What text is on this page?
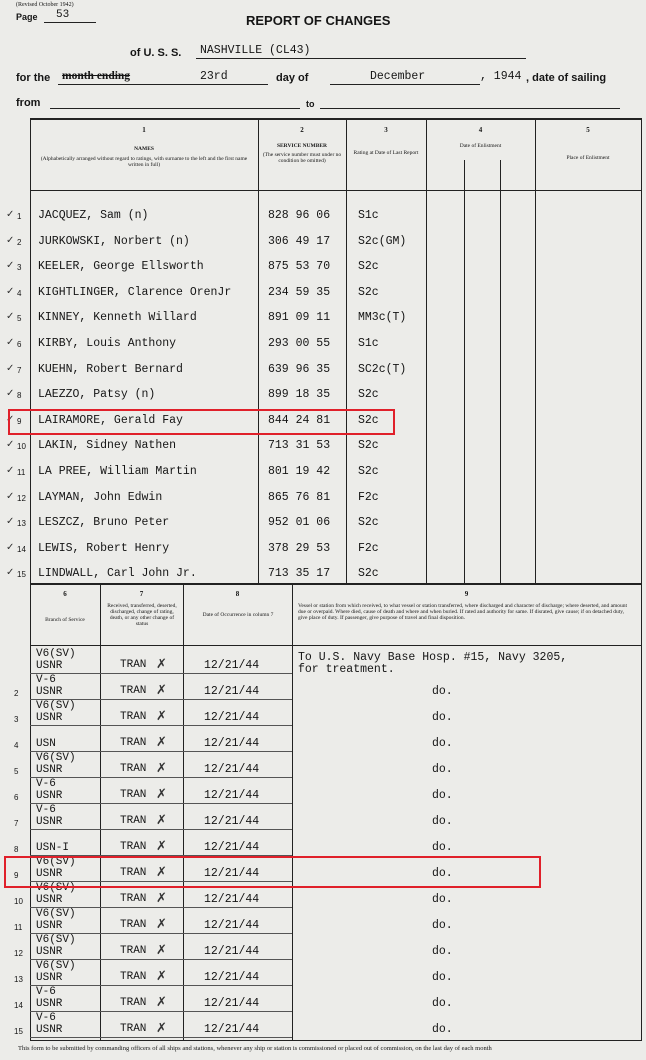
(Revised October 1942)
Page 53	REPORT OF CHANGES
of U. S. S. NASHVILLE (CL43)
for the month ending	23rd	day of	December	, 1944 , date of sailing
from	to
1
NAMES
(Alphabetically arranged without regard to ratings, with surname to the left and the first name written in full)
2
SERVICE NUMBER
(The service number must under no condition be omitted)
3
Rating at Date of Last Report
4
Date of Enlistment
5
Place of Enlistment
✓ 1 JACQUEZ, Sam (n)	828 96 06 S1c
✓ 2 JURKOWSKI, Norbert (n)	306 49 17 S2c(GM)
✓ 3 KEELER, George Ellsworth	875 53 70 S2c
✓ 4 KIGHTLINGER, Clarence OrenJr	234 59 35 S2c
✓ 5 KINNEY, Kenneth Willard	891 09 11 MM3c(T)
✓ 6 KIRBY, Louis Anthony	293 00 55 S1c
✓ 7 KUEHN, Robert Bernard	639 96 35 SC2c(T)
✓ 8 LAEZZO, Patsy (n)	899 18 35 S2c
✓ 9 LAIRAMORE, Gerald Fay	844 24 81 S2c
✓ 10 LAKIN, Sidney Nathen	713 31 53 S2c
✓ 11 LA PREE, William Martin	801 19 42 S2c
✓ 12 LAYMAN, John Edwin	865 76 81 F2c
✓ 13 LESZCZ, Bruno Peter	952 01 06 S2c
✓ 14 LEWIS, Robert Henry	378 29 53 F2c
✓ 15 LINDWALL, Carl John Jr.	713 35 17 S2c
6
Branch of Service
7
Received, transferred, deserted, discharged, change of rating, death, or any other change of status
8
Date of Occurrence in column 7
9
Vessel or station from which received, to what vessel or station transferred, where discharged and character of discharge; where deserted, and amount due or overpaid. Where died, cause of death and where and when buried. If rated and authority for same. If disrated, give cause; if on detached duty, give place of duty. If passenger, give purpose of travel and final disposition.
V6(SV)
USNR	TRAN ✗	12/21/44
To U.S. Navy Base Hosp. #15, Navy 3205,
for treatment.
2
V-6
USNR	TRAN ✗	12/21/44	do.
3
V6(SV)
USNR	TRAN ✗	12/21/44	do.
4 USN	TRAN ✗	12/21/44	do.
5
V6(SV)
USNR	TRAN ✗	12/21/44	do.
6
V-6
USNR	TRAN ✗	12/21/44	do.
7
V-6
USNR	TRAN ✗	12/21/44	do.
8 USN-I	TRAN ✗	12/21/44	do.
9
V6(SV)
USNR	TRAN ✗	12/21/44	do.
10
V6(SV)
USNR	TRAN ✗	12/21/44	do.
11
V6(SV)
USNR	TRAN ✗	12/21/44	do.
12
V6(SV)
USNR	TRAN ✗	12/21/44	do.
13
V6(SV)
USNR	TRAN ✗	12/21/44	do.
14
V-6
USNR	TRAN ✗	12/21/44	do.
15
V-6
USNR	TRAN ✗	12/21/44	do.
This form to be submitted by commanding officers of all ships and stations, whenever any ship or station is commissioned or placed out of commission, on the last day of each month
